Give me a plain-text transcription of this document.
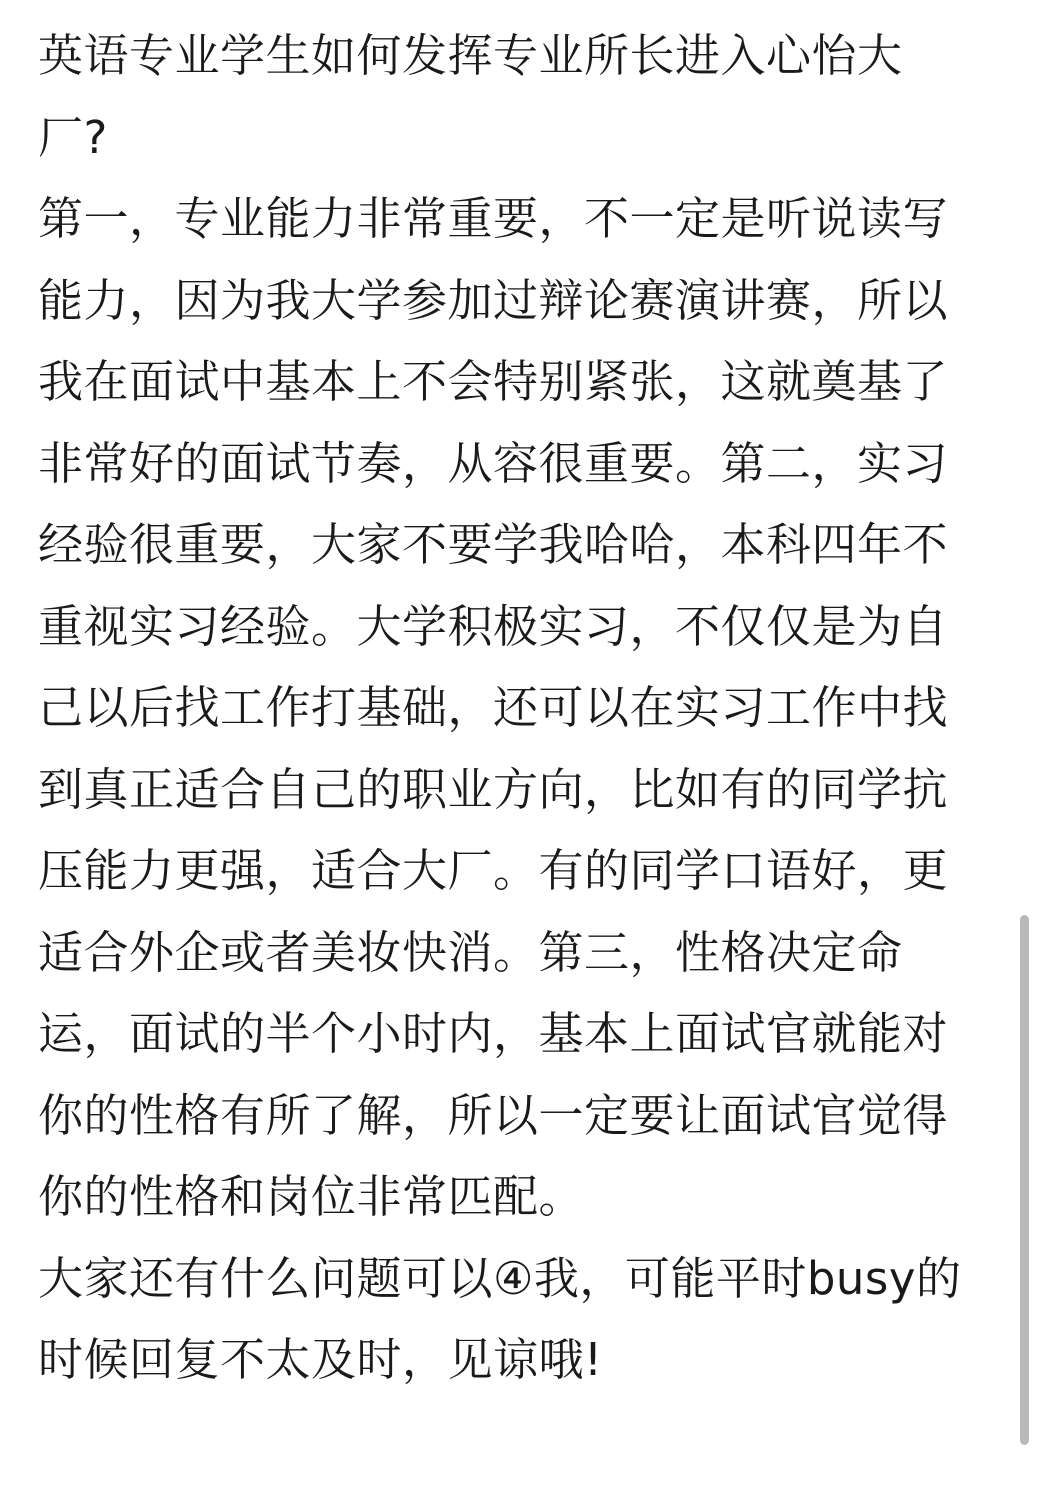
英语专业学生如何发挥专业所长进入心怡大厂?

第一，专业能力非常重要，不一定是听说读写能力，因为我大学参加过辩论赛演讲赛，所以我在面试中基本上不会特别紧张，这就奠基了非常好的面试节奏，从容很重要。第二，实习经验很重要，大家不要学我哈哈，本科四年不重视实习经验。大学积极实习，不仅仅是为自己以后找工作打基础，还可以在实习工作中找到真正适合自己的职业方向，比如有的同学抗压能力更强，适合大厂。有的同学口语好，更适合外企或者美妆快消。第三，性格决定命运，面试的半个小时内，基本上面试官就能对你的性格有所了解，所以一定要让面试官觉得你的性格和岗位非常匹配。

大家还有什么问题可以④我，可能平时busy的时候回复不太及时，见谅哦!
